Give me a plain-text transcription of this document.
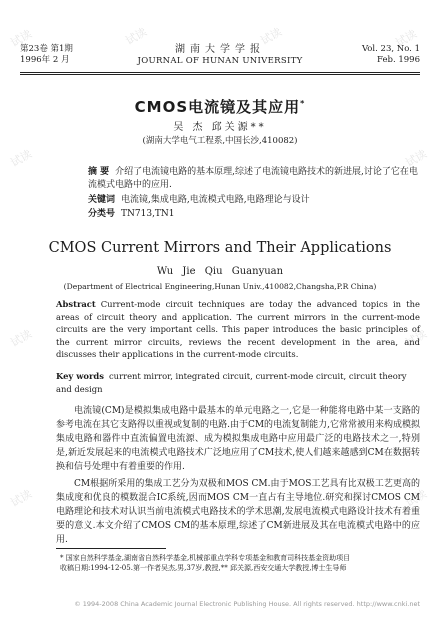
试读	试读	试读	试读
试读	试读
试读	试读
试读	试读
第23卷 第1期
1996年 2 月
湖南大学学报
JOURNAL OF HUNAN UNIVERSITY
Vol. 23, No. 1
Feb. 1996
CMOS电流镜及其应用*
吴 杰 邱关源**
(湖南大学电气工程系,中国长沙,410082)
摘 要 介绍了电流镜电路的基本原理,综述了电流镜电路技术的新进展,讨论了它在电流模式电路中的应用.
关键词 电流镜,集成电路,电流模式电路,电路理论与设计
分类号 TN713,TN1
CMOS Current Mirrors and Their Applications
Wu Jie Qiu Guanyuan
(Department of Electrical Engineering,Hunan Univ.,410082,Changsha,P.R China)
Abstract Current-mode circuit techniques are today the advanced topics in the areas of circuit theory and application. The current mirrors in the current-mode circuits are the very important cells. This paper introduces the basic principles of the current mirror circuits, reviews the recent development in the area, and discusses their applications in the current-mode circuits.
Key words current mirror, integrated circuit, current-mode circuit, circuit theory and design

电流镜(CM)是模拟集成电路中最基本的单元电路之一,它是一种能将电路中某一支路的参考电流在其它支路得以重视或复制的电路.由于CM的电流复制能力,它常常被用来构成模拟集成电路和器件中直流偏置电流源、成为模拟集成电路中应用最广泛的电路技术之一,特别是,新近发展起来的电流模式电路技术广泛地应用了CM技术,使人们越来越感到CM在数据转换和信号处理中有着重要的作用.

CM根据所采用的集成工艺分为双极和MOS CM.由于MOS工艺具有比双极工艺更高的集成度和优良的模数混合IC系统,因而MOS CM一直占有主导地位.研究和探讨CMOS CM电路理论和技术对认识当前电流模式电路技术的学术思潮,发展电流模式电路设计技术有着重要的意义.本文介绍了CMOS CM的基本原理,综述了CM新进展及其在电流模式电路中的应用.

* 国家自然科学基金,湖南省自然科学基金,机械部重点学科专项基金和教育司科技基金资助项目
收稿日期:1994-12-05.第一作者吴杰,男,37岁,教授,** 邱关源,西安交通大学教授,博士生导师
© 1994-2008 China Academic Journal Electronic Publishing House. All rights reserved. http://www.cnki.net
